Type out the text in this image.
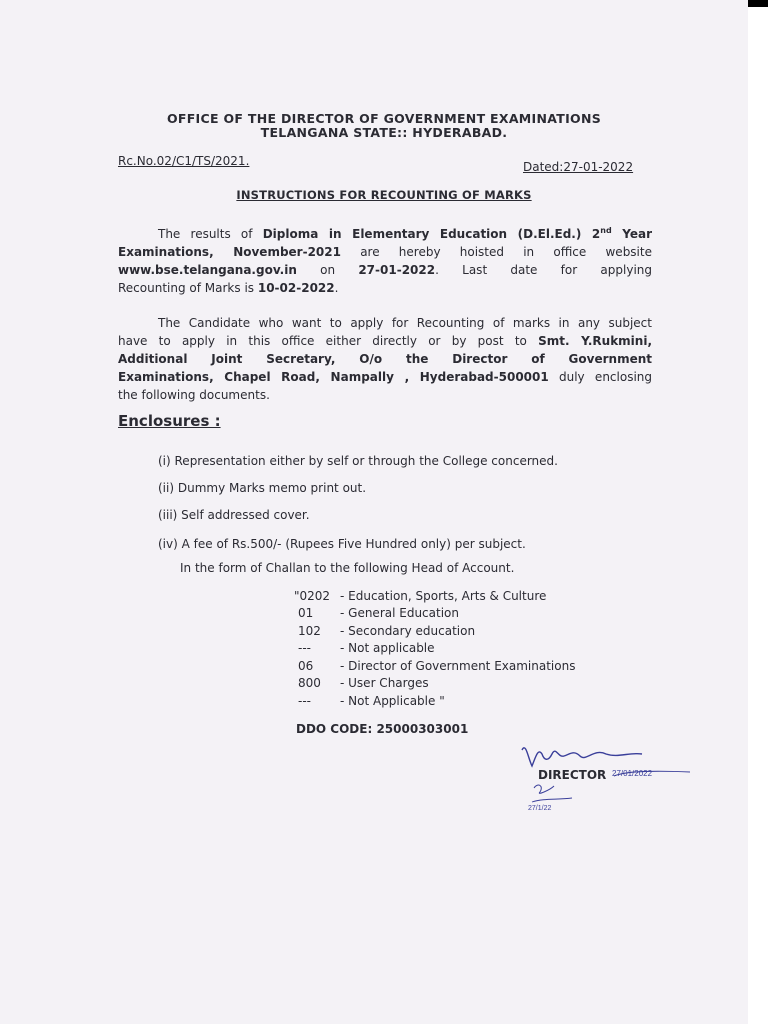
OFFICE OF THE DIRECTOR OF GOVERNMENT EXAMINATIONS
TELANGANA STATE:: HYDERABAD.
Rc.No.02/C1/TS/2021.	Dated:27-01-2022
INSTRUCTIONS FOR RECOUNTING OF MARKS
The results of Diploma in Elementary Education (D.El.Ed.) 2nd Year
Examinations, November-2021 are hereby hoisted in office website
www.bse.telangana.gov.in on 27-01-2022. Last date for applying
Recounting of Marks is 10-02-2022.
The Candidate who want to apply for Recounting of marks in any subject
have to apply in this office either directly or by post to Smt. Y.Rukmini,
Additional Joint Secretary, O/o the Director of Government
Examinations, Chapel Road, Nampally , Hyderabad-500001 duly enclosing
the following documents.
Enclosures :
(i) Representation either by self or through the College concerned.
(ii) Dummy Marks memo print out.
(iii) Self addressed cover.
(iv) A fee of Rs.500/- (Rupees Five Hundred only) per subject.
In the form of Challan to the following Head of Account.
"0202 - Education, Sports, Arts & Culture
01	- General Education
102	- Secondary education
---	- Not applicable
06	- Director of Government Examinations
800	- User Charges
---	- Not Applicable "
DDO CODE: 25000303001
27/01/2022
27/1/22
DIRECTOR
